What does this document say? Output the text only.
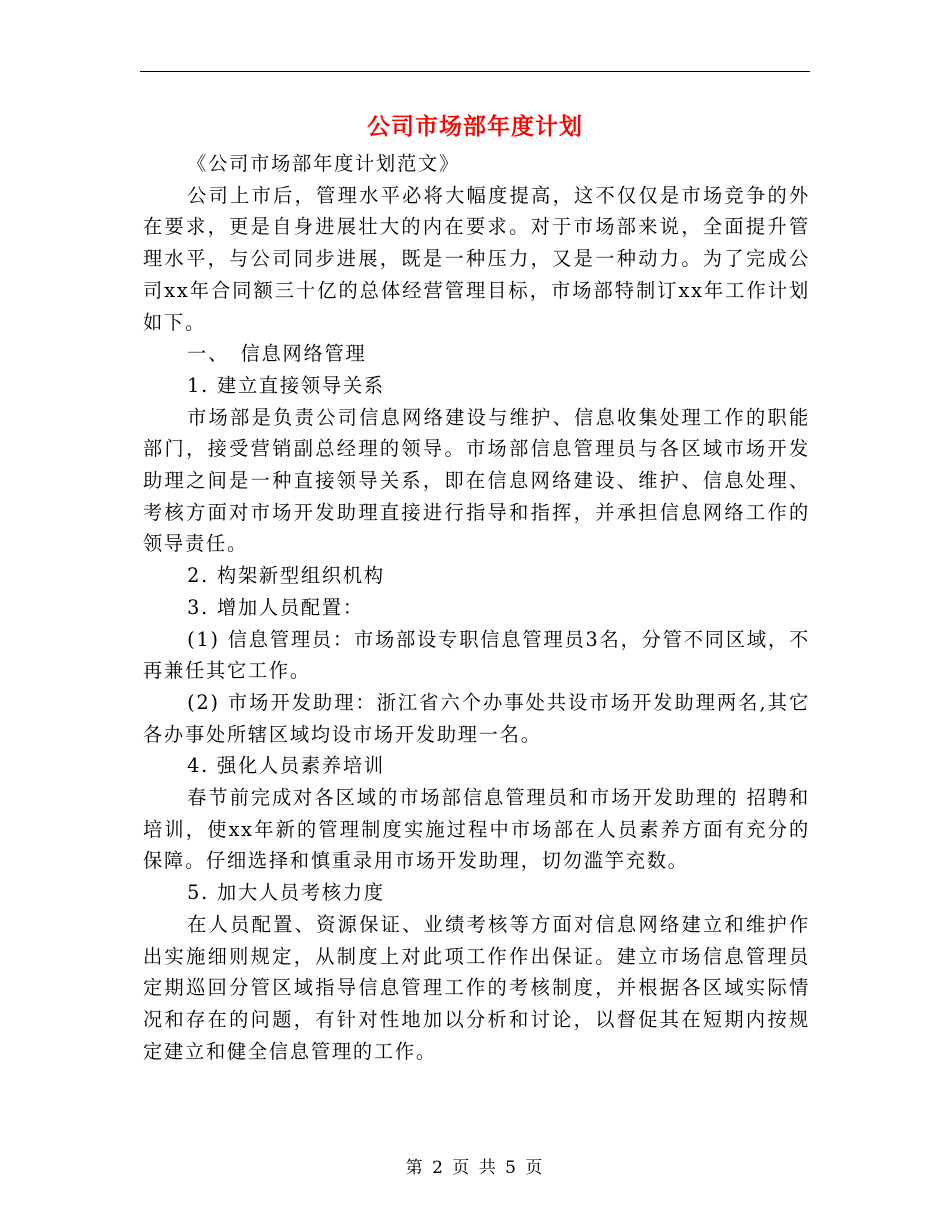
公司市场部年度计划

《公司市场部年度计划范文》

公司上市后，管理水平必将大幅度提高，这不仅仅是市场竞争的外在要求，更是自身进展壮大的内在要求。对于市场部来说，全面提升管理水平，与公司同步进展，既是一种压力，又是一种动力。为了完成公司xx年合同额三十亿的总体经营管理目标，市场部特制订xx年工作计划如下。

一、　信息网络管理

1. 建立直接领导关系

市场部是负责公司信息网络建设与维护、信息收集处理工作的职能部门，接受营销副总经理的领导。市场部信息管理员与各区域市场开发助理之间是一种直接领导关系，即在信息网络建设、维护、信息处理、考核方面对市场开发助理直接进行指导和指挥，并承担信息网络工作的领导责任。

2. 构架新型组织机构

3. 增加人员配置：

(1) 信息管理员：市场部设专职信息管理员3名，分管不同区域，不再兼任其它工作。

(2) 市场开发助理：浙江省六个办事处共设市场开发助理两名,其它各办事处所辖区域均设市场开发助理一名。

4. 强化人员素养培训

春节前完成对各区域的市场部信息管理员和市场开发助理的 招聘和培训，使xx年新的管理制度实施过程中市场部在人员素养方面有充分的保障。仔细选择和慎重录用市场开发助理，切勿滥竽充数。

5. 加大人员考核力度

在人员配置、资源保证、业绩考核等方面对信息网络建立和维护作出实施细则规定，从制度上对此项工作作出保证。建立市场信息管理员定期巡回分管区域指导信息管理工作的考核制度，并根据各区域实际情况和存在的问题，有针对性地加以分析和讨论，以督促其在短期内按规定建立和健全信息管理的工作。

第 2 页 共 5 页
